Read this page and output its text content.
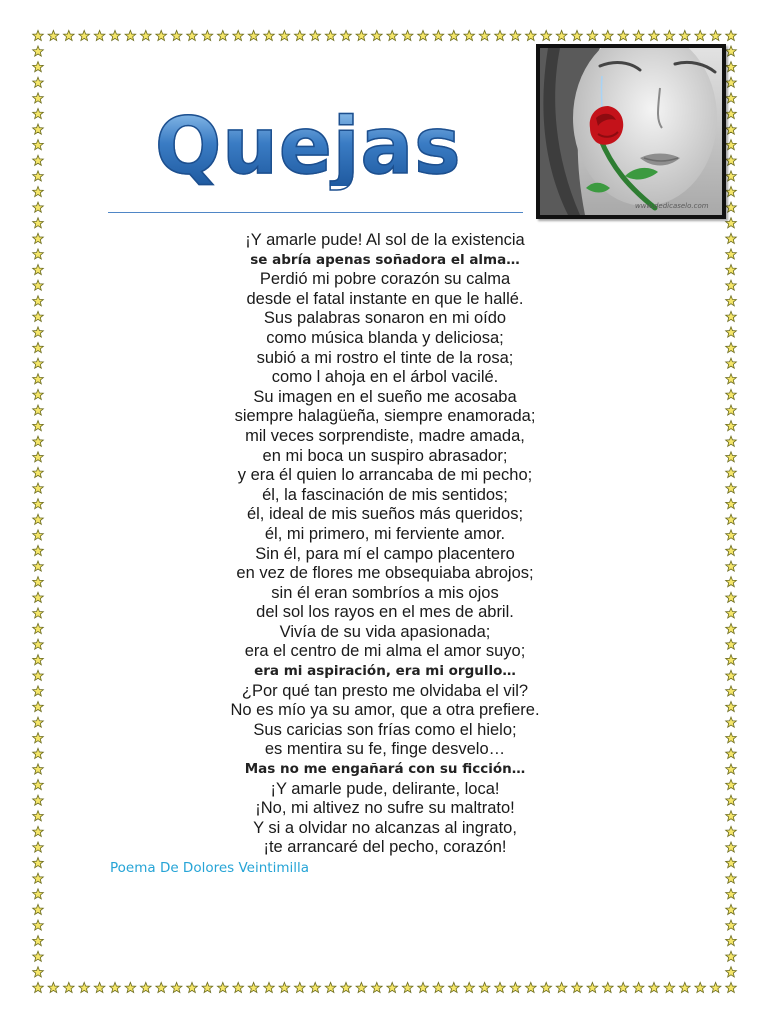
www.dedicaselo.com
Quejas
¡Y amarle pude! Al sol de la existencia
se abría apenas soñadora el alma…
Perdió mi pobre corazón su calma
desde el fatal instante en que le hallé.
Sus palabras sonaron en mi oído
como música blanda y deliciosa;
subió a mi rostro el tinte de la rosa;
como l ahoja en el árbol vacilé.
Su imagen en el sueño me acosaba
siempre halagüeña, siempre enamorada;
mil veces sorprendiste, madre amada,
en mi boca un suspiro abrasador;
y era él quien lo arrancaba de mi pecho;
él, la fascinación de mis sentidos;
él, ideal de mis sueños más queridos;
él, mi primero, mi ferviente amor.
Sin él, para mí el campo placentero
en vez de flores me obsequiaba abrojos;
sin él eran sombríos a mis ojos
del sol los rayos en el mes de abril.
Vivía de su vida apasionada;
era el centro de mi alma el amor suyo;
era mi aspiración, era mi orgullo…
¿Por qué tan presto me olvidaba el vil?
No es mío ya su amor, que a otra prefiere.
Sus caricias son frías como el hielo;
es mentira su fe, finge desvelo…
Mas no me engañará con su ficción…
¡Y amarle pude, delirante, loca!
¡No, mi altivez no sufre su maltrato!
Y si a olvidar no alcanzas al ingrato,
¡te arrancaré del pecho, corazón!

Poema De Dolores Veintimilla
